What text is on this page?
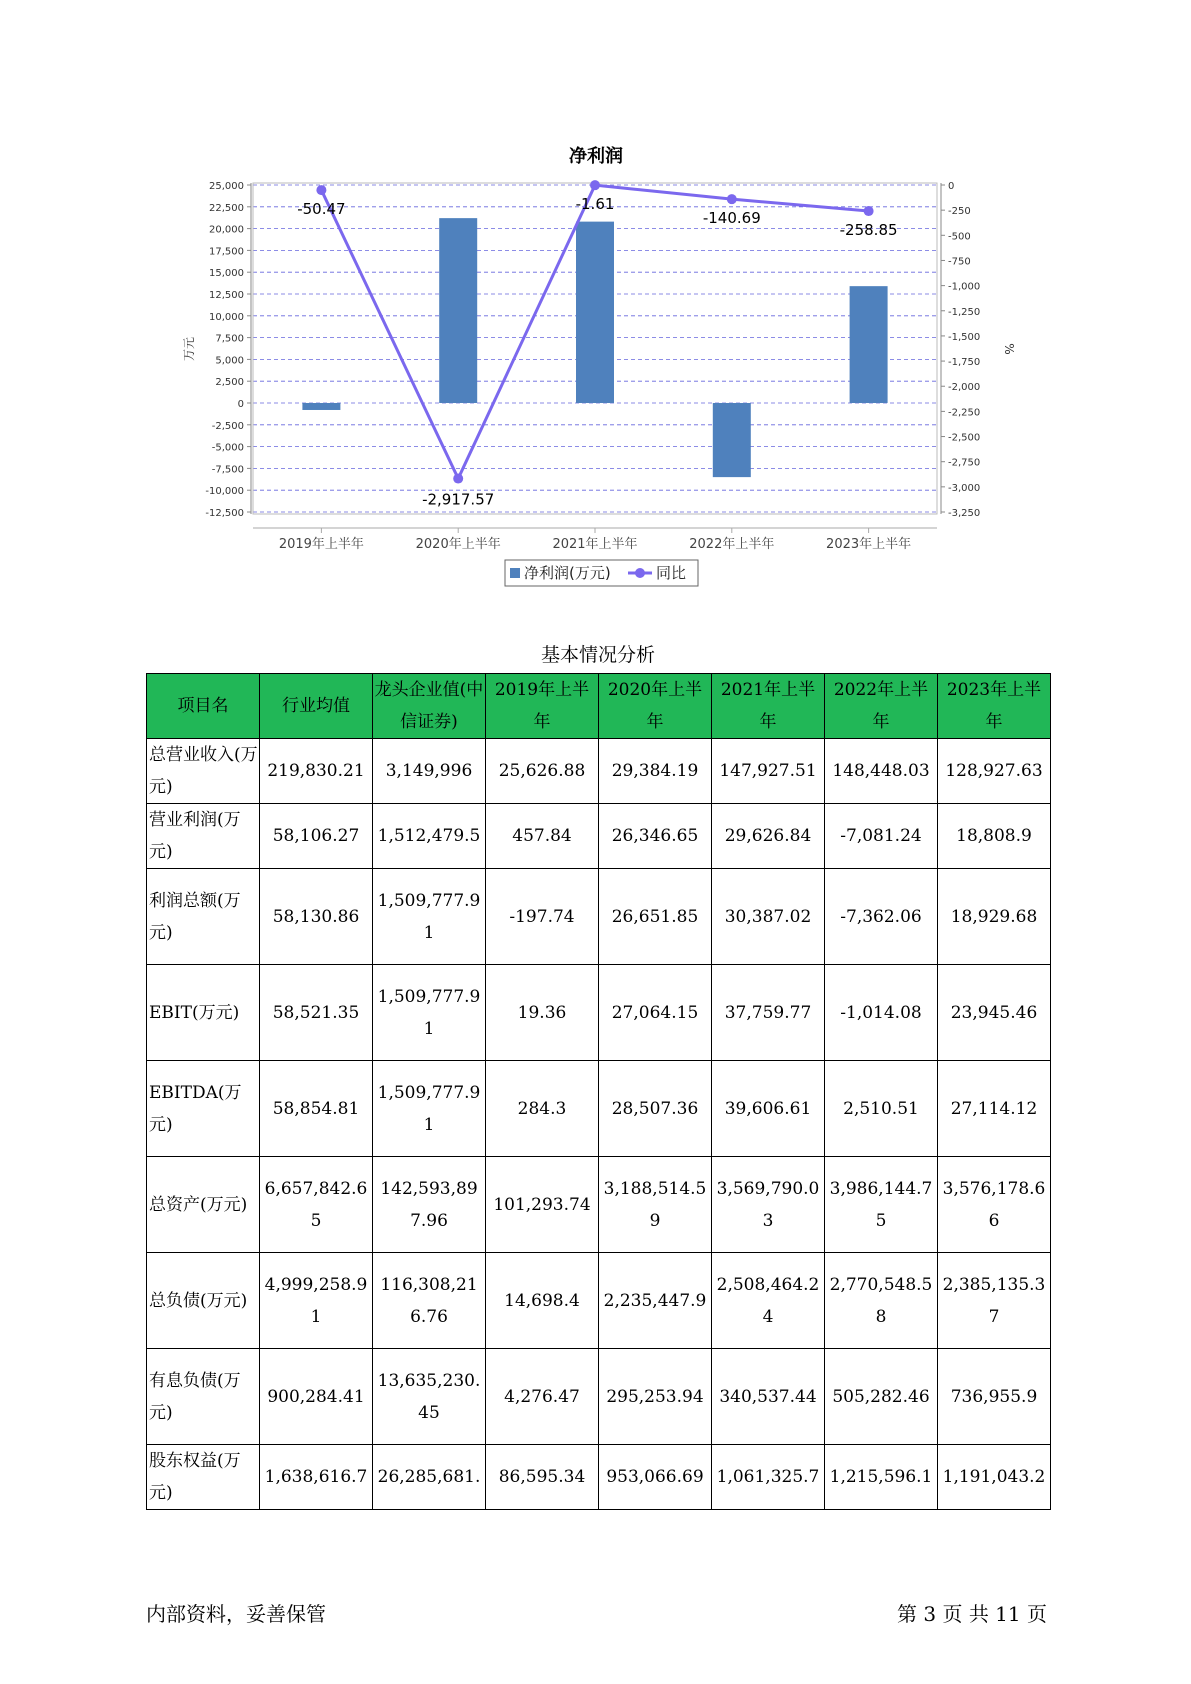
净利润
25,000
22,500
20,000
17,500
15,000
12,500
10,000
7,500
5,000
2,500
0
-2,500
-5,000
-7,500
-10,000
-12,500
万元
0
-250
-500
-750
-1,000
-1,250
-1,500
-1,750
-2,000
-2,250
-2,500
-2,750
-3,000
-3,250
%
2019年上半年	2020年上半年	2021年上半年	2022年上半年	2023年上半年
-50.47
-2,917.57
-1.61
-140.69
-258.85
净利润(万元)	同比
基本情况分析
项目名	行业均值	龙头企业值(中信证券)	2019年上半年	2020年上半年	2021年上半年	2022年上半年	2023年上半年
总营业收入(万元)	219,830.21	3,149,996	25,626.88	29,384.19	147,927.51	148,448.03	128,927.63
营业利润(万元)	58,106.27	1,512,479.5	457.84	26,346.65	29,626.84	-7,081.24	18,808.9
利润总额(万元)	58,130.86	1,509,777.91	-197.74	26,651.85	30,387.02	-7,362.06	18,929.68
EBIT(万元)	58,521.35	1,509,777.91	19.36	27,064.15	37,759.77	-1,014.08	23,945.46
EBITDA(万元)	58,854.81	1,509,777.91	284.3	28,507.36	39,606.61	2,510.51	27,114.12
总资产(万元)	6,657,842.65	142,593,897.96	101,293.74	3,188,514.59	3,569,790.03	3,986,144.75	3,576,178.66
总负债(万元)	4,999,258.91	116,308,216.76	14,698.4	2,235,447.9	2,508,464.24	2,770,548.58	2,385,135.37
有息负债(万元)	900,284.41	13,635,230.45	4,276.47	295,253.94	340,537.44	505,282.46	736,955.9
股东权益(万元)	1,638,616.7	26,285,681.	86,595.34	953,066.69	1,061,325.7	1,215,596.1	1,191,043.2
内部资料，妥善保管	第 3 页 共 11 页
